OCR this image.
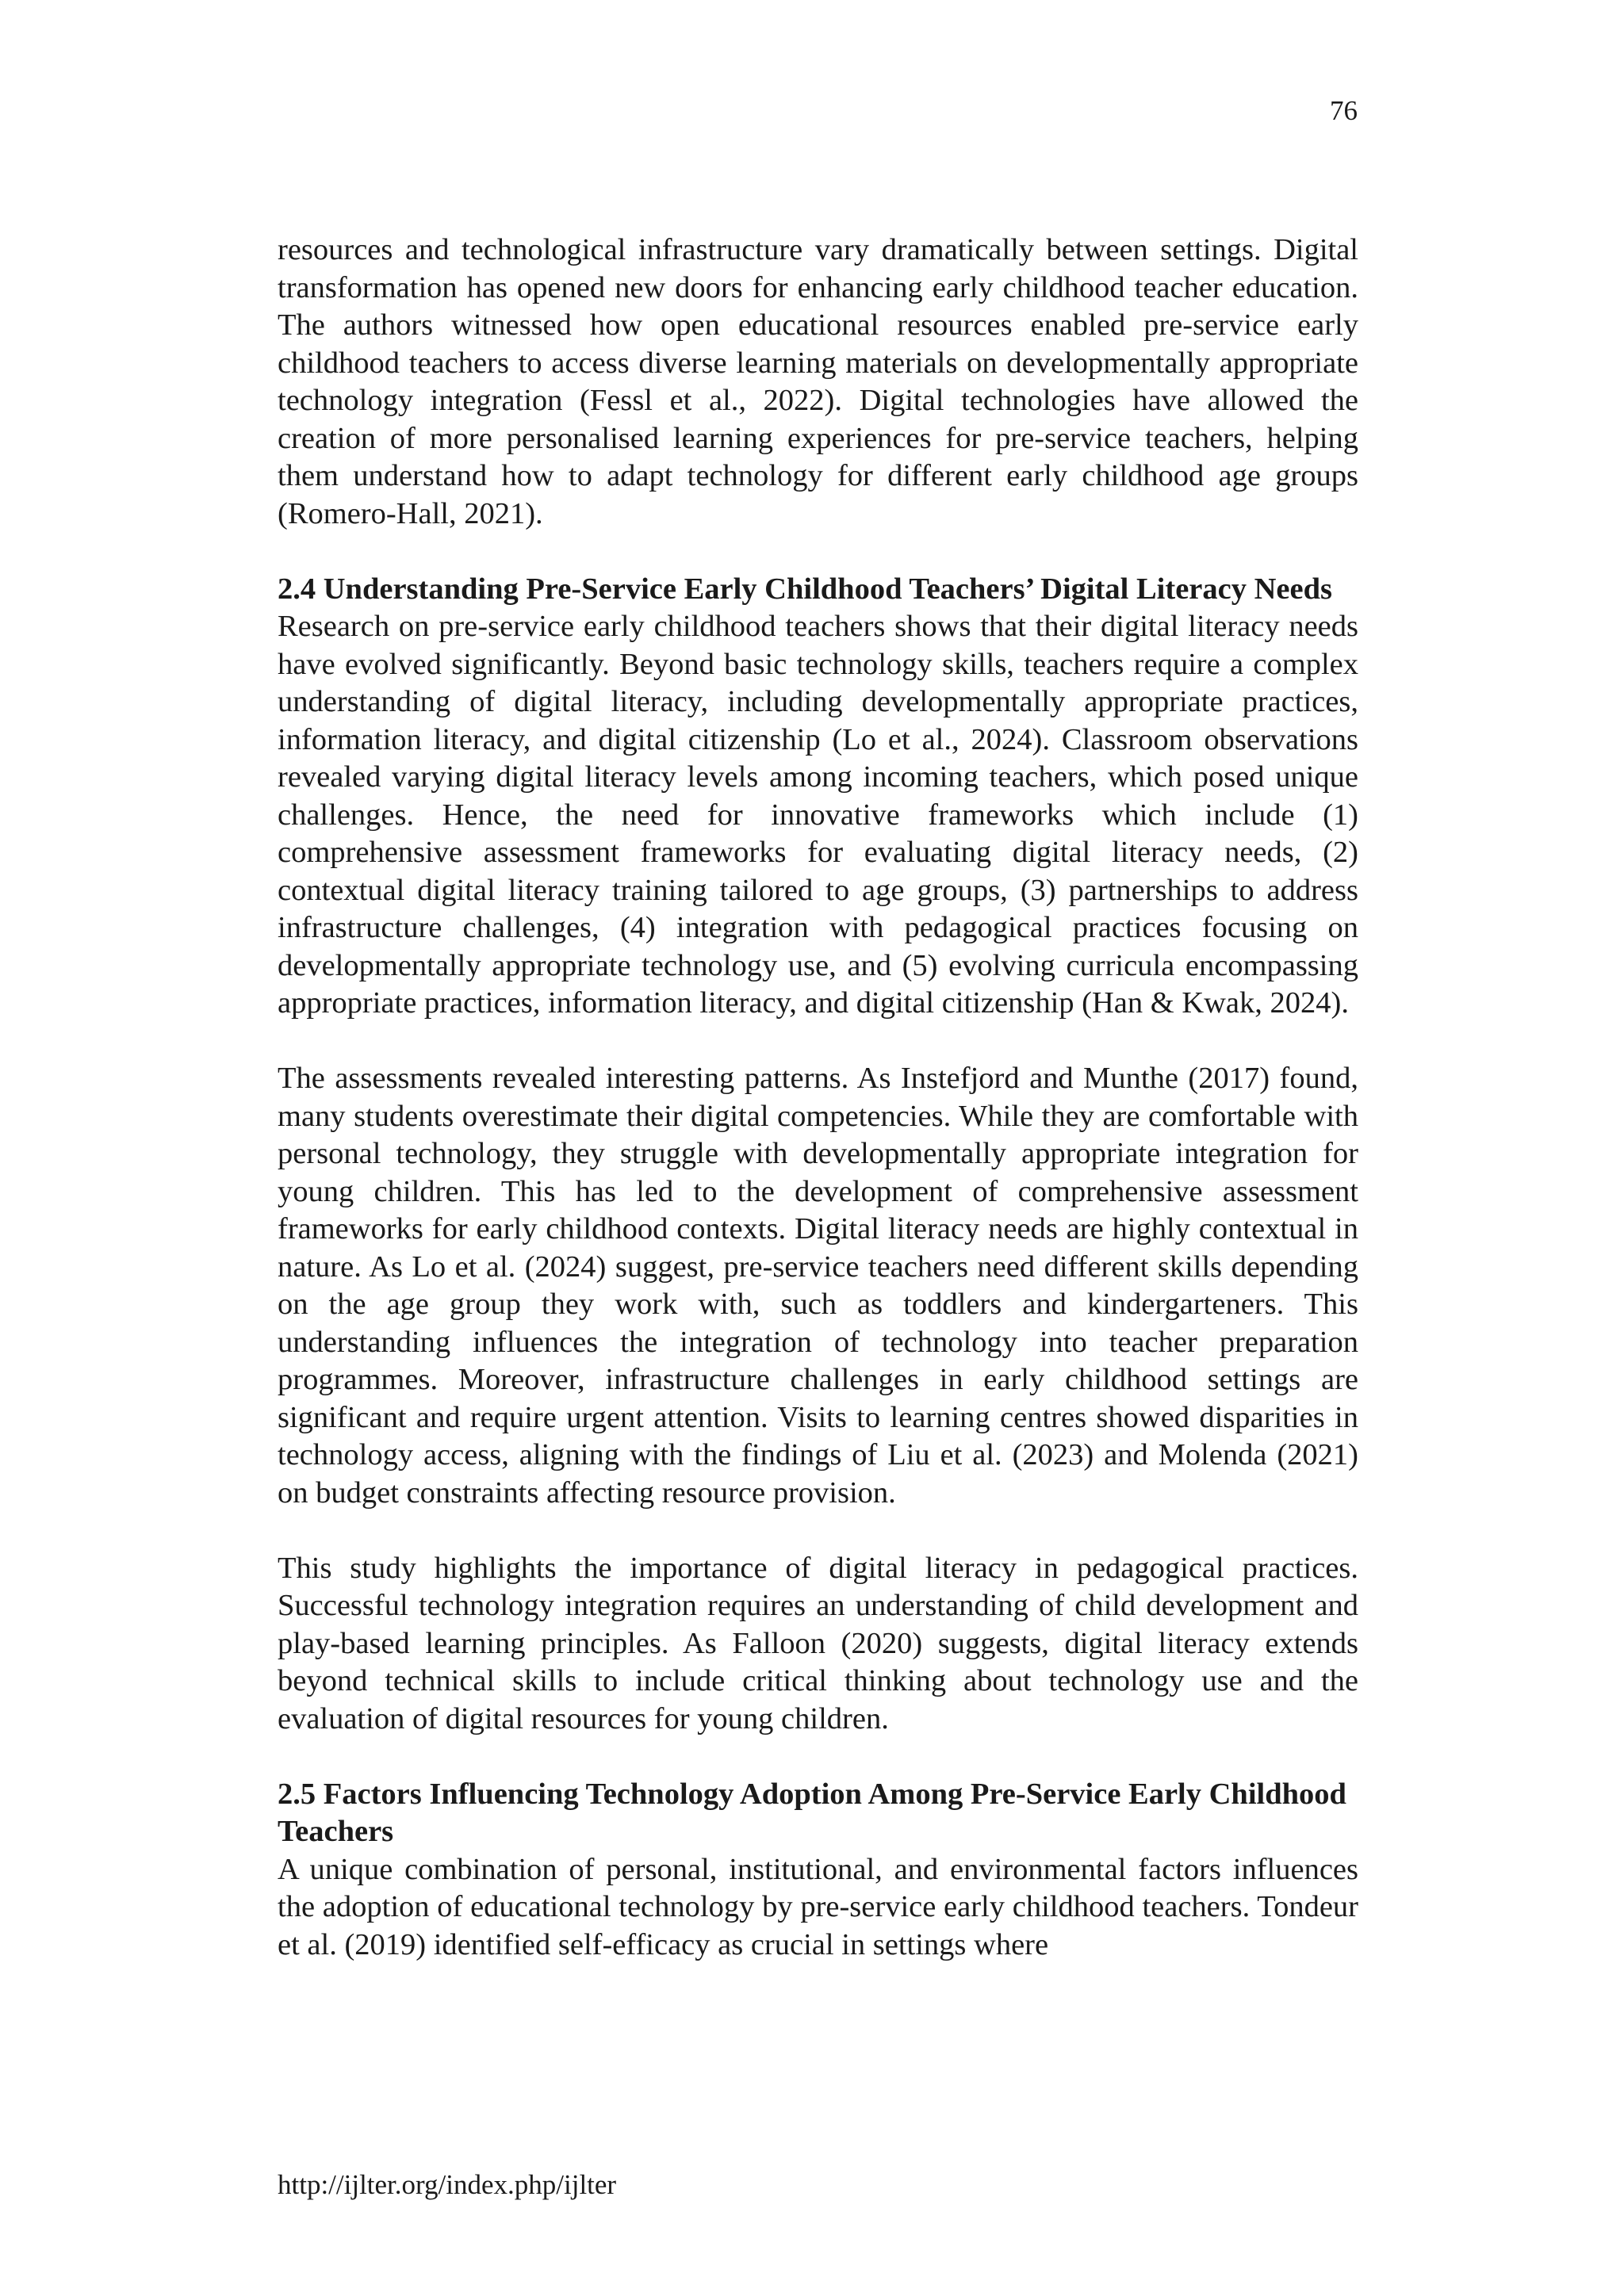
76

resources and technological infrastructure vary dramatically between settings. Digital transformation has opened new doors for enhancing early childhood teacher education. The authors witnessed how open educational resources enabled pre-service early childhood teachers to access diverse learning materials on developmentally appropriate technology integration (Fessl et al., 2022). Digital technologies have allowed the creation of more personalised learning experiences for pre-service teachers, helping them understand how to adapt technology for different early childhood age groups (Romero-Hall, 2021).

2.4 Understanding Pre-Service Early Childhood Teachers’ Digital Literacy Needs

Research on pre-service early childhood teachers shows that their digital literacy needs have evolved significantly. Beyond basic technology skills, teachers require a complex understanding of digital literacy, including developmentally appropriate practices, information literacy, and digital citizenship (Lo et al., 2024). Classroom observations revealed varying digital literacy levels among incoming teachers, which posed unique challenges. Hence, the need for innovative frameworks which include (1) comprehensive assessment frameworks for evaluating digital literacy needs, (2) contextual digital literacy training tailored to age groups, (3) partnerships to address infrastructure challenges, (4) integration with pedagogical practices focusing on developmentally appropriate technology use, and (5) evolving curricula encompassing appropriate practices, information literacy, and digital citizenship (Han & Kwak, 2024).

The assessments revealed interesting patterns. As Instefjord and Munthe (2017) found, many students overestimate their digital competencies. While they are comfortable with personal technology, they struggle with developmentally appropriate integration for young children. This has led to the development of comprehensive assessment frameworks for early childhood contexts. Digital literacy needs are highly contextual in nature. As Lo et al. (2024) suggest, pre-service teachers need different skills depending on the age group they work with, such as toddlers and kindergarteners. This understanding influences the integration of technology into teacher preparation programmes. Moreover, infrastructure challenges in early childhood settings are significant and require urgent attention. Visits to learning centres showed disparities in technology access, aligning with the findings of Liu et al. (2023) and Molenda (2021) on budget constraints affecting resource provision.

This study highlights the importance of digital literacy in pedagogical practices. Successful technology integration requires an understanding of child development and play-based learning principles. As Falloon (2020) suggests, digital literacy extends beyond technical skills to include critical thinking about technology use and the evaluation of digital resources for young children.

2.5 Factors Influencing Technology Adoption Among Pre-Service Early Childhood Teachers

A unique combination of personal, institutional, and environmental factors influences the adoption of educational technology by pre-service early childhood teachers. Tondeur et al. (2019) identified self-efficacy as crucial in settings where

http://ijlter.org/index.php/ijlter
